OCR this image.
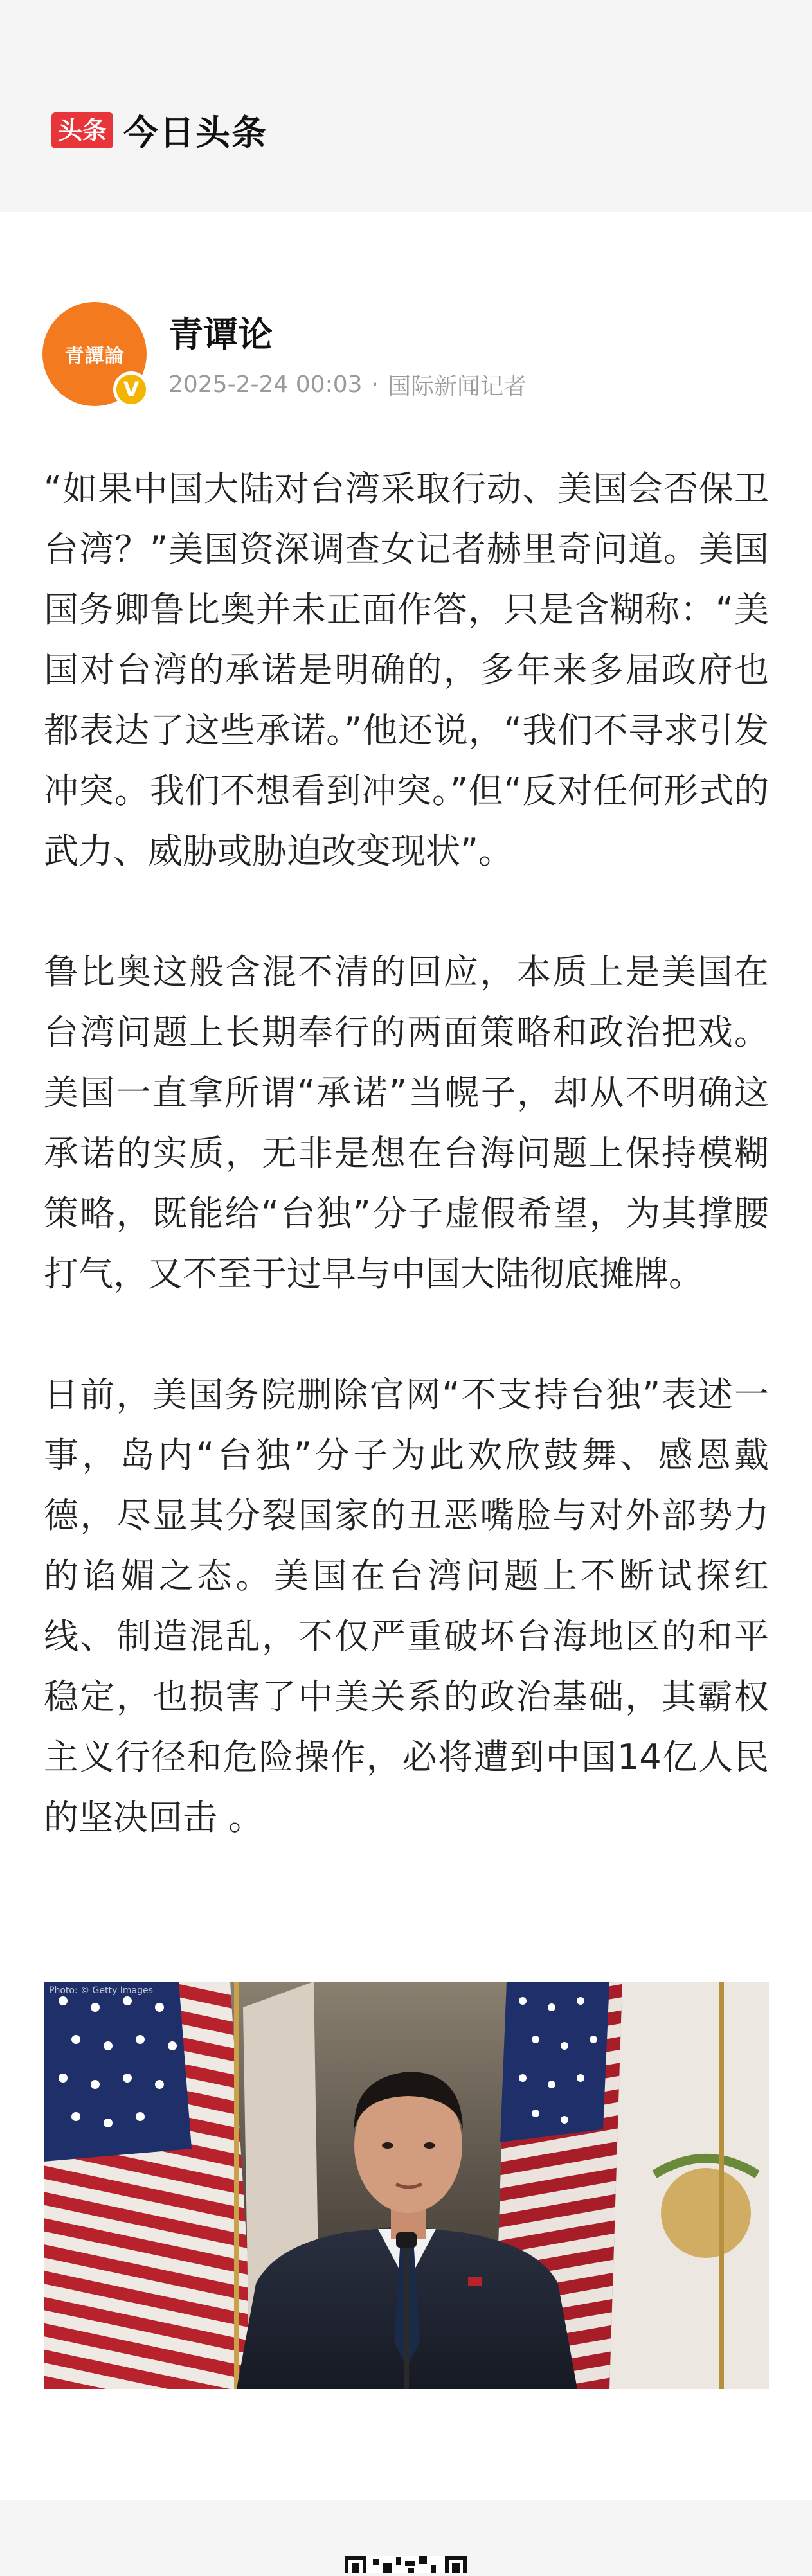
头条 今日头条
青譚論
V
青谭论
2025-2-24 00:03 · 国际新闻记者

“如果中国大陆对台湾采取行动、美国会否保卫台湾？”美国资深调查女记者赫里奇问道。美国国务卿鲁比奥并未正面作答，只是含糊称：“美国对台湾的承诺是明确的，多年来多届政府也都表达了这些承诺。”他还说，“我们不寻求引发冲突。我们不想看到冲突。”但“反对任何形式的武力、威胁或胁迫改变现状”。

鲁比奥这般含混不清的回应，本质上是美国在台湾问题上长期奉行的两面策略和政治把戏。美国一直拿所谓“承诺”当幌子，却从不明确这承诺的实质，无非是想在台海问题上保持模糊策略，既能给“台独”分子虚假希望，为其撑腰打气，又不至于过早与中国大陆彻底摊牌。

日前，美国务院删除官网“不支持台独”表述一事，岛内“台独”分子为此欢欣鼓舞、感恩戴德，尽显其分裂国家的丑恶嘴脸与对外部势力的谄媚之态。美国在台湾问题上不断试探红线、制造混乱，不仅严重破坏台海地区的和平稳定，也损害了中美关系的政治基础，其霸权主义行径和危险操作，必将遭到中国14亿人民的坚决回击 。

Photo: © Getty Images
